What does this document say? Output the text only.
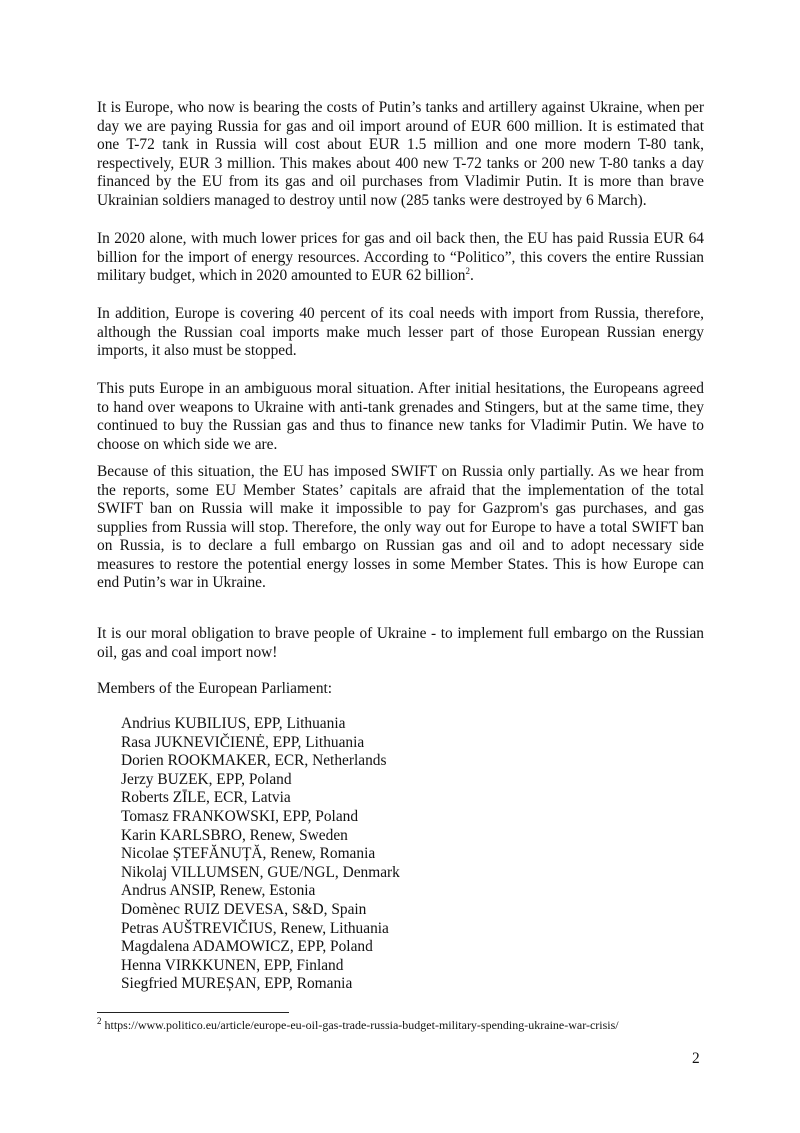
It is Europe, who now is bearing the costs of Putin’s tanks and artillery against Ukraine, when per day we are paying Russia for gas and oil import around of EUR 600 million. It is estimated that one T-72 tank in Russia will cost about EUR 1.5 million and one more modern T-80 tank, respectively, EUR 3 million. This makes about 400 new T-72 tanks or 200 new T-80 tanks a day financed by the EU from its gas and oil purchases from Vladimir Putin. It is more than brave Ukrainian soldiers managed to destroy until now (285 tanks were destroyed by 6 March).

In 2020 alone, with much lower prices for gas and oil back then, the EU has paid Russia EUR 64 billion for the import of energy resources. According to “Politico”, this covers the entire Russian military budget, which in 2020 amounted to EUR 62 billion$^2$.

In addition, Europe is covering 40 percent of its coal needs with import from Russia, therefore, although the Russian coal imports make much lesser part of those European Russian energy imports, it also must be stopped.

This puts Europe in an ambiguous moral situation. After initial hesitations, the Europeans agreed to hand over weapons to Ukraine with anti-tank grenades and Stingers, but at the same time, they continued to buy the Russian gas and thus to finance new tanks for Vladimir Putin. We have to choose on which side we are.

Because of this situation, the EU has imposed SWIFT on Russia only partially. As we hear from the reports, some EU Member States’ capitals are afraid that the implementation of the total SWIFT ban on Russia will make it impossible to pay for Gazprom's gas purchases, and gas supplies from Russia will stop. Therefore, the only way out for Europe to have a total SWIFT ban on Russia, is to declare a full embargo on Russian gas and oil and to adopt necessary side measures to restore the potential energy losses in some Member States. This is how Europe can end Putin’s war in Ukraine.

It is our moral obligation to brave people of Ukraine - to implement full embargo on the Russian oil, gas and coal import now!

Members of the European Parliament:

Andrius KUBILIUS, EPP, Lithuania
Rasa JUKNEVIČIENĖ, EPP, Lithuania
Dorien ROOKMAKER, ECR, Netherlands
Jerzy BUZEK, EPP, Poland
Roberts ZĪLE, ECR, Latvia
Tomasz FRANKOWSKI, EPP, Poland
Karin KARLSBRO, Renew, Sweden
Nicolae ȘTEFĂNUȚĂ, Renew, Romania
Nikolaj VILLUMSEN, GUE/NGL, Denmark
Andrus ANSIP, Renew, Estonia
Domènec RUIZ DEVESA, S&D, Spain
Petras AUŠTREVIČIUS, Renew, Lithuania
Magdalena ADAMOWICZ, EPP, Poland
Henna VIRKKUNEN, EPP, Finland
Siegfried MUREȘAN, EPP, Romania

$^2$ https://www.politico.eu/article/europe-eu-oil-gas-trade-russia-budget-military-spending-ukraine-war-crisis/

2
